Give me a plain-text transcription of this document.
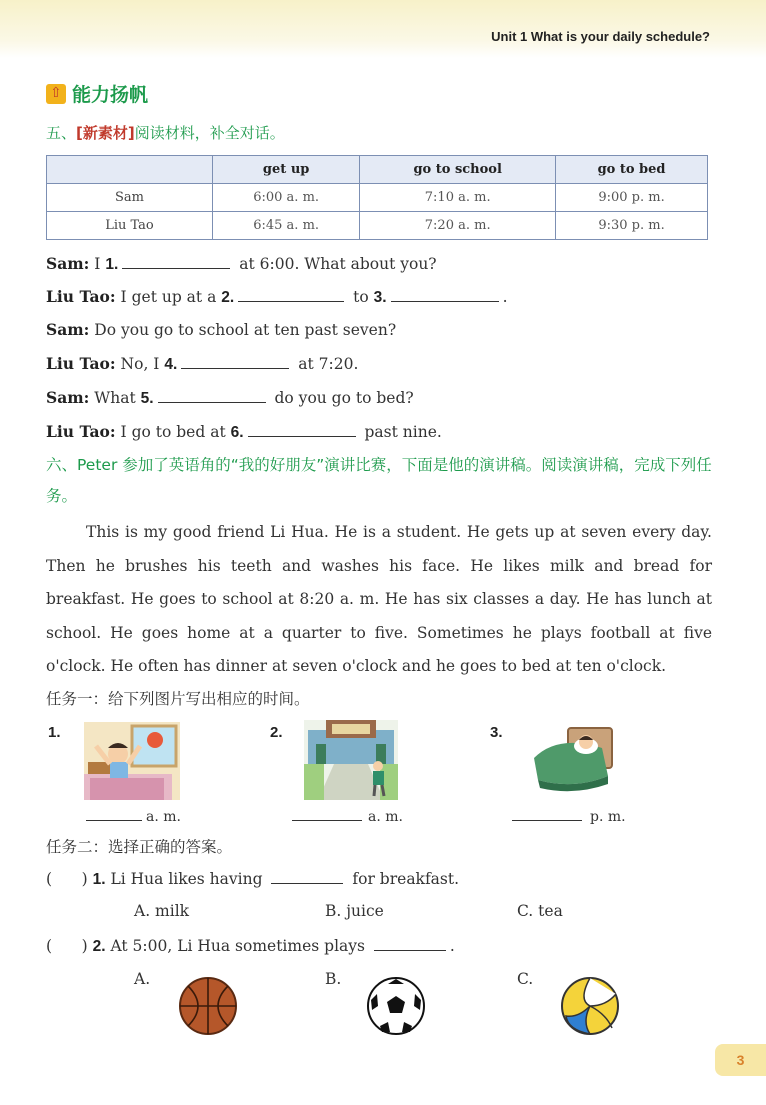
Unit 1 What is your daily schedule?
⇧ 能力扬帆
五、[新素材]阅读材料，补全对话。
	get up	go to school	go to bed
Sam	6:00 a. m.	7:10 a. m.	9:00 p. m.
Liu Tao	6:45 a. m.	7:20 a. m.	9:30 p. m.
Sam: I 1.	at 6:00. What about you?
Liu Tao: I get up at a 2.	to 3.	.
Sam: Do you go to school at ten past seven?
Liu Tao: No, I 4.	at 7:20.
Sam: What 5.	do you go to bed?
Liu Tao: I go to bed at 6.	past nine.
六、Peter 参加了英语角的“我的好朋友”演讲比赛，下面是他的演讲稿。阅读演讲稿，完成下列任务。
This is my good friend Li Hua. He is a student. He gets up at seven every day. Then he brushes his teeth and washes his face. He likes milk and bread for breakfast. He goes to school at 8:20 a. m. He has six classes a day. He has lunch at school. He goes home at a quarter to five. Sometimes he plays football at five o'clock. He often has dinner at seven o'clock and he goes to bed at ten o'clock.
任务一：给下列图片写出相应的时间。
1.
a. m.
2.
a. m.
3.
p. m.
任务二：选择正确的答案。
(      ) 1. Li Hua likes having	for breakfast.
A. milk	B. juice	C. tea
(      ) 2. At 5:00, Li Hua sometimes plays	.
A.	B.	C.
3
